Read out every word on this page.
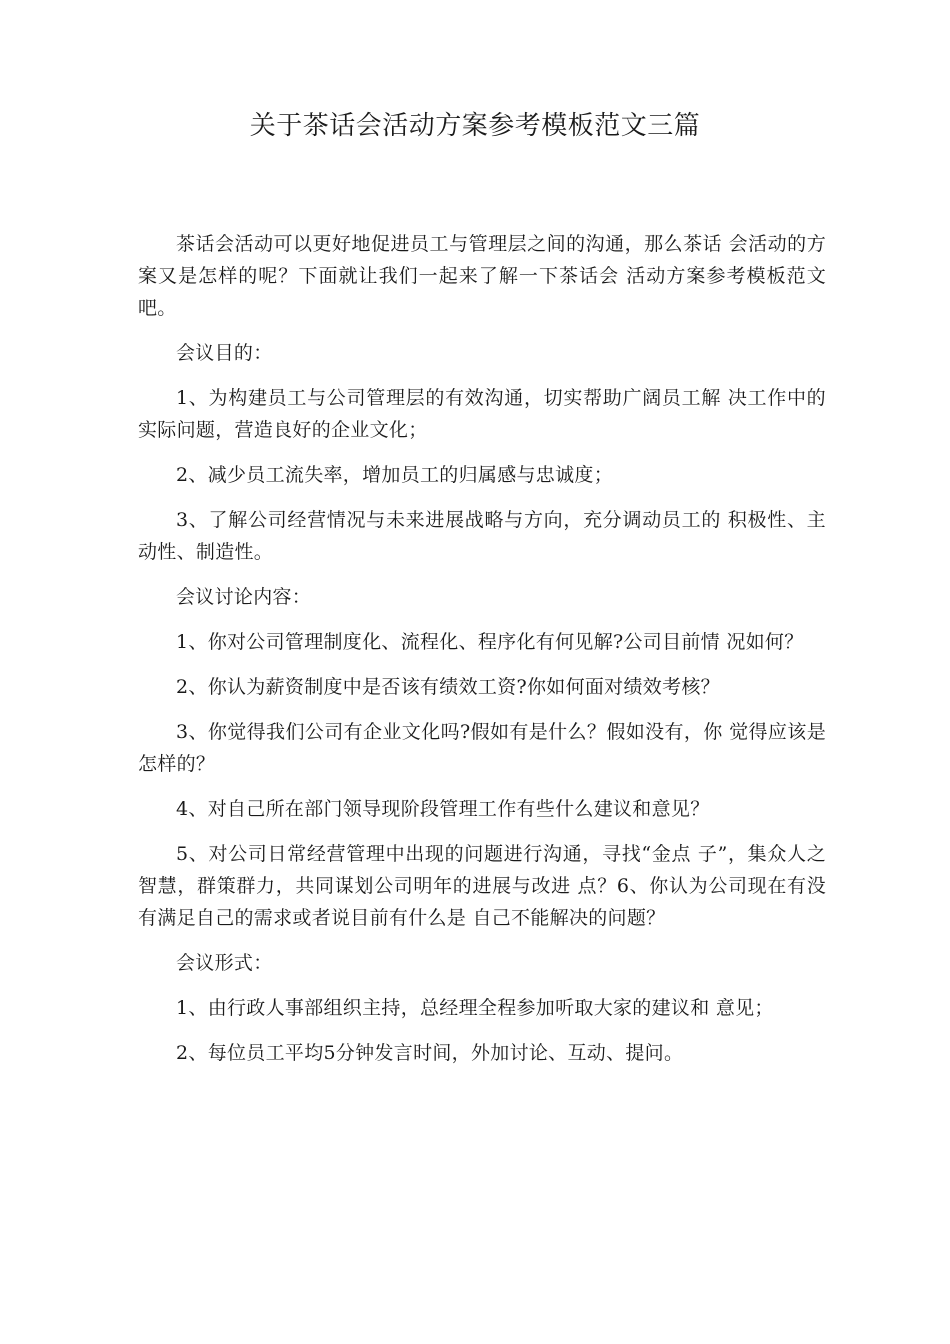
关于茶话会活动方案参考模板范文三篇

茶话会活动可以更好地促进员工与管理层之间的沟通，那么茶话 会活动的方案又是怎样的呢？下面就让我们一起来了解一下茶话会 活动方案参考模板范文吧。

会议目的：

1、为构建员工与公司管理层的有效沟通，切实帮助广阔员工解 决工作中的实际问题，营造良好的企业文化；

2、减少员工流失率，增加员工的归属感与忠诚度；

3、了解公司经营情况与未来进展战略与方向，充分调动员工的 积极性、主动性、制造性。

会议讨论内容：

1、你对公司管理制度化、流程化、程序化有何见解?公司目前情 况如何？

2、你认为薪资制度中是否该有绩效工资?你如何面对绩效考核？

3、你觉得我们公司有企业文化吗?假如有是什么？假如没有，你 觉得应该是怎样的？

4、对自己所在部门领导现阶段管理工作有些什么建议和意见？

5、对公司日常经营管理中出现的问题进行沟通，寻找“金点 子”，集众人之智慧，群策群力，共同谋划公司明年的进展与改进 点？6、你认为公司现在有没有满足自己的需求或者说目前有什么是 自己不能解决的问题？

会议形式：

1、由行政人事部组织主持，总经理全程参加听取大家的建议和 意见；

2、每位员工平均5分钟发言时间，外加讨论、互动、提问。
